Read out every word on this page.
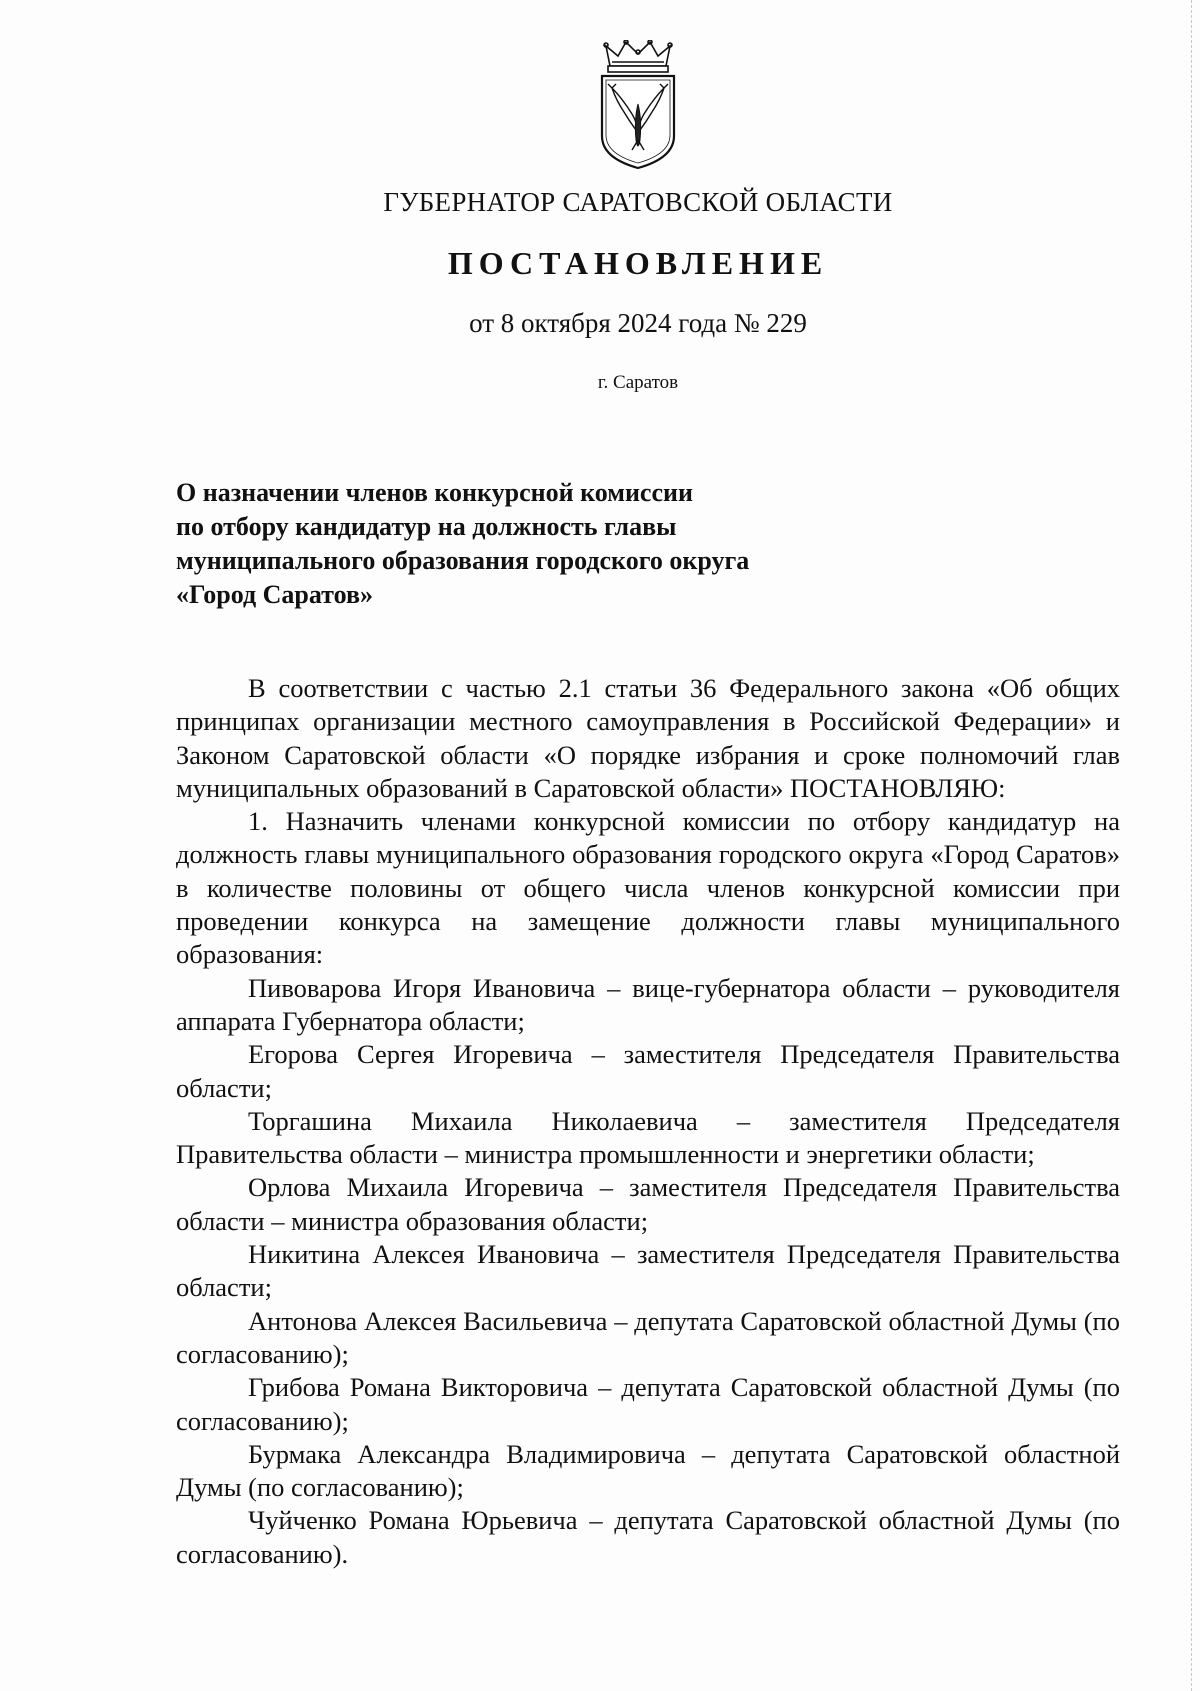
ГУБЕРНАТОР САРАТОВСКОЙ ОБЛАСТИ
ПОСТАНОВЛЕНИЕ
от 8 октября 2024 года № 229
г. Саратов
О назначении членов конкурсной комиссии
по отбору кандидатур на должность главы
муниципального образования городского округа
«Город Саратов»

В соответствии с частью 2.1 статьи 36 Федерального закона «Об общих принципах организации местного самоуправления в Российской Федерации» и Законом Саратовской области «О порядке избрания и сроке полномочий глав муниципальных образований в Саратовской области» ПОСТАНОВЛЯЮ:

1. Назначить членами конкурсной комиссии по отбору кандидатур на должность главы муниципального образования городского округа «Город Саратов» в количестве половины от общего числа членов конкурсной комиссии при проведении конкурса на замещение должности главы муниципального образования:

Пивоварова Игоря Ивановича – вице-губернатора области – руководителя аппарата Губернатора области;

Егорова Сергея Игоревича – заместителя Председателя Правительства области;

Торгашина Михаила Николаевича – заместителя Председателя Правительства области – министра промышленности и энергетики области;

Орлова Михаила Игоревича – заместителя Председателя Правительства области – министра образования области;

Никитина Алексея Ивановича – заместителя Председателя Правительства области;

Антонова Алексея Васильевича – депутата Саратовской областной Думы (по согласованию);

Грибова Романа Викторовича – депутата Саратовской областной Думы (по согласованию);

Бурмака Александра Владимировича – депутата Саратовской областной Думы (по согласованию);

Чуйченко Романа Юрьевича – депутата Саратовской областной Думы (по согласованию).
